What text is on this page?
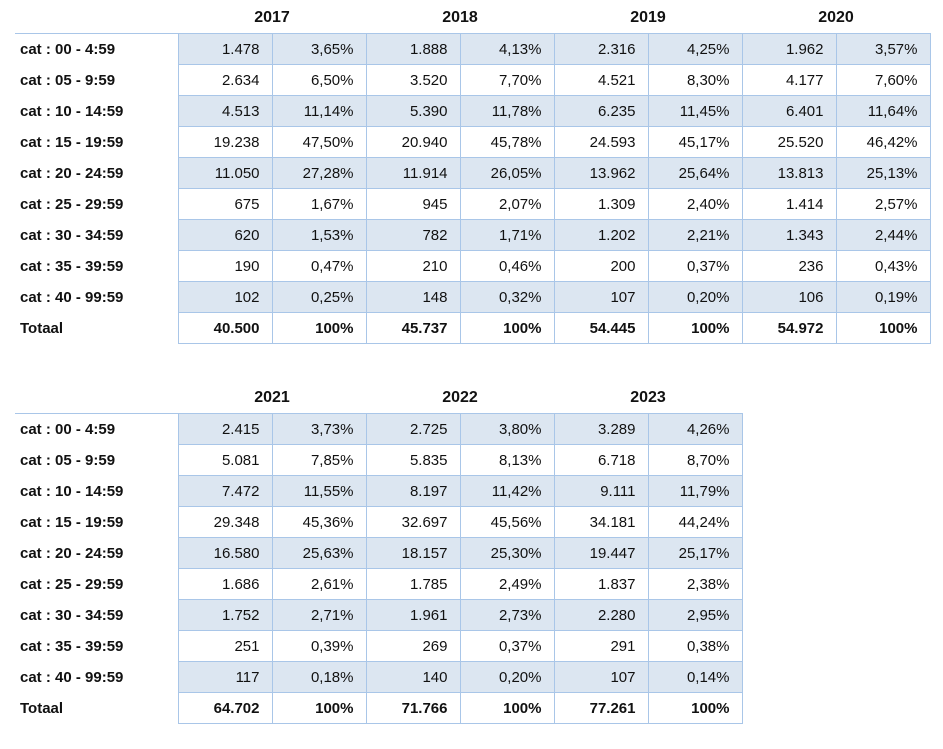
	2017		2018		2019		2020	
cat : 00 - 4:59	1.478	3,65%	1.888	4,13%	2.316	4,25%	1.962	3,57%
cat : 05 - 9:59	2.634	6,50%	3.520	7,70%	4.521	8,30%	4.177	7,60%
cat : 10 - 14:59	4.513	11,14%	5.390	11,78%	6.235	11,45%	6.401	11,64%
cat : 15 - 19:59	19.238	47,50%	20.940	45,78%	24.593	45,17%	25.520	46,42%
cat : 20 - 24:59	11.050	27,28%	11.914	26,05%	13.962	25,64%	13.813	25,13%
cat : 25 - 29:59	675	1,67%	945	2,07%	1.309	2,40%	1.414	2,57%
cat : 30 - 34:59	620	1,53%	782	1,71%	1.202	2,21%	1.343	2,44%
cat : 35 - 39:59	190	0,47%	210	0,46%	200	0,37%	236	0,43%
cat : 40 - 99:59	102	0,25%	148	0,32%	107	0,20%	106	0,19%
Totaal	40.500	100%	45.737	100%	54.445	100%	54.972	100%
	2021		2022		2023	
cat : 00 - 4:59	2.415	3,73%	2.725	3,80%	3.289	4,26%
cat : 05 - 9:59	5.081	7,85%	5.835	8,13%	6.718	8,70%
cat : 10 - 14:59	7.472	11,55%	8.197	11,42%	9.111	11,79%
cat : 15 - 19:59	29.348	45,36%	32.697	45,56%	34.181	44,24%
cat : 20 - 24:59	16.580	25,63%	18.157	25,30%	19.447	25,17%
cat : 25 - 29:59	1.686	2,61%	1.785	2,49%	1.837	2,38%
cat : 30 - 34:59	1.752	2,71%	1.961	2,73%	2.280	2,95%
cat : 35 - 39:59	251	0,39%	269	0,37%	291	0,38%
cat : 40 - 99:59	117	0,18%	140	0,20%	107	0,14%
Totaal	64.702	100%	71.766	100%	77.261	100%
